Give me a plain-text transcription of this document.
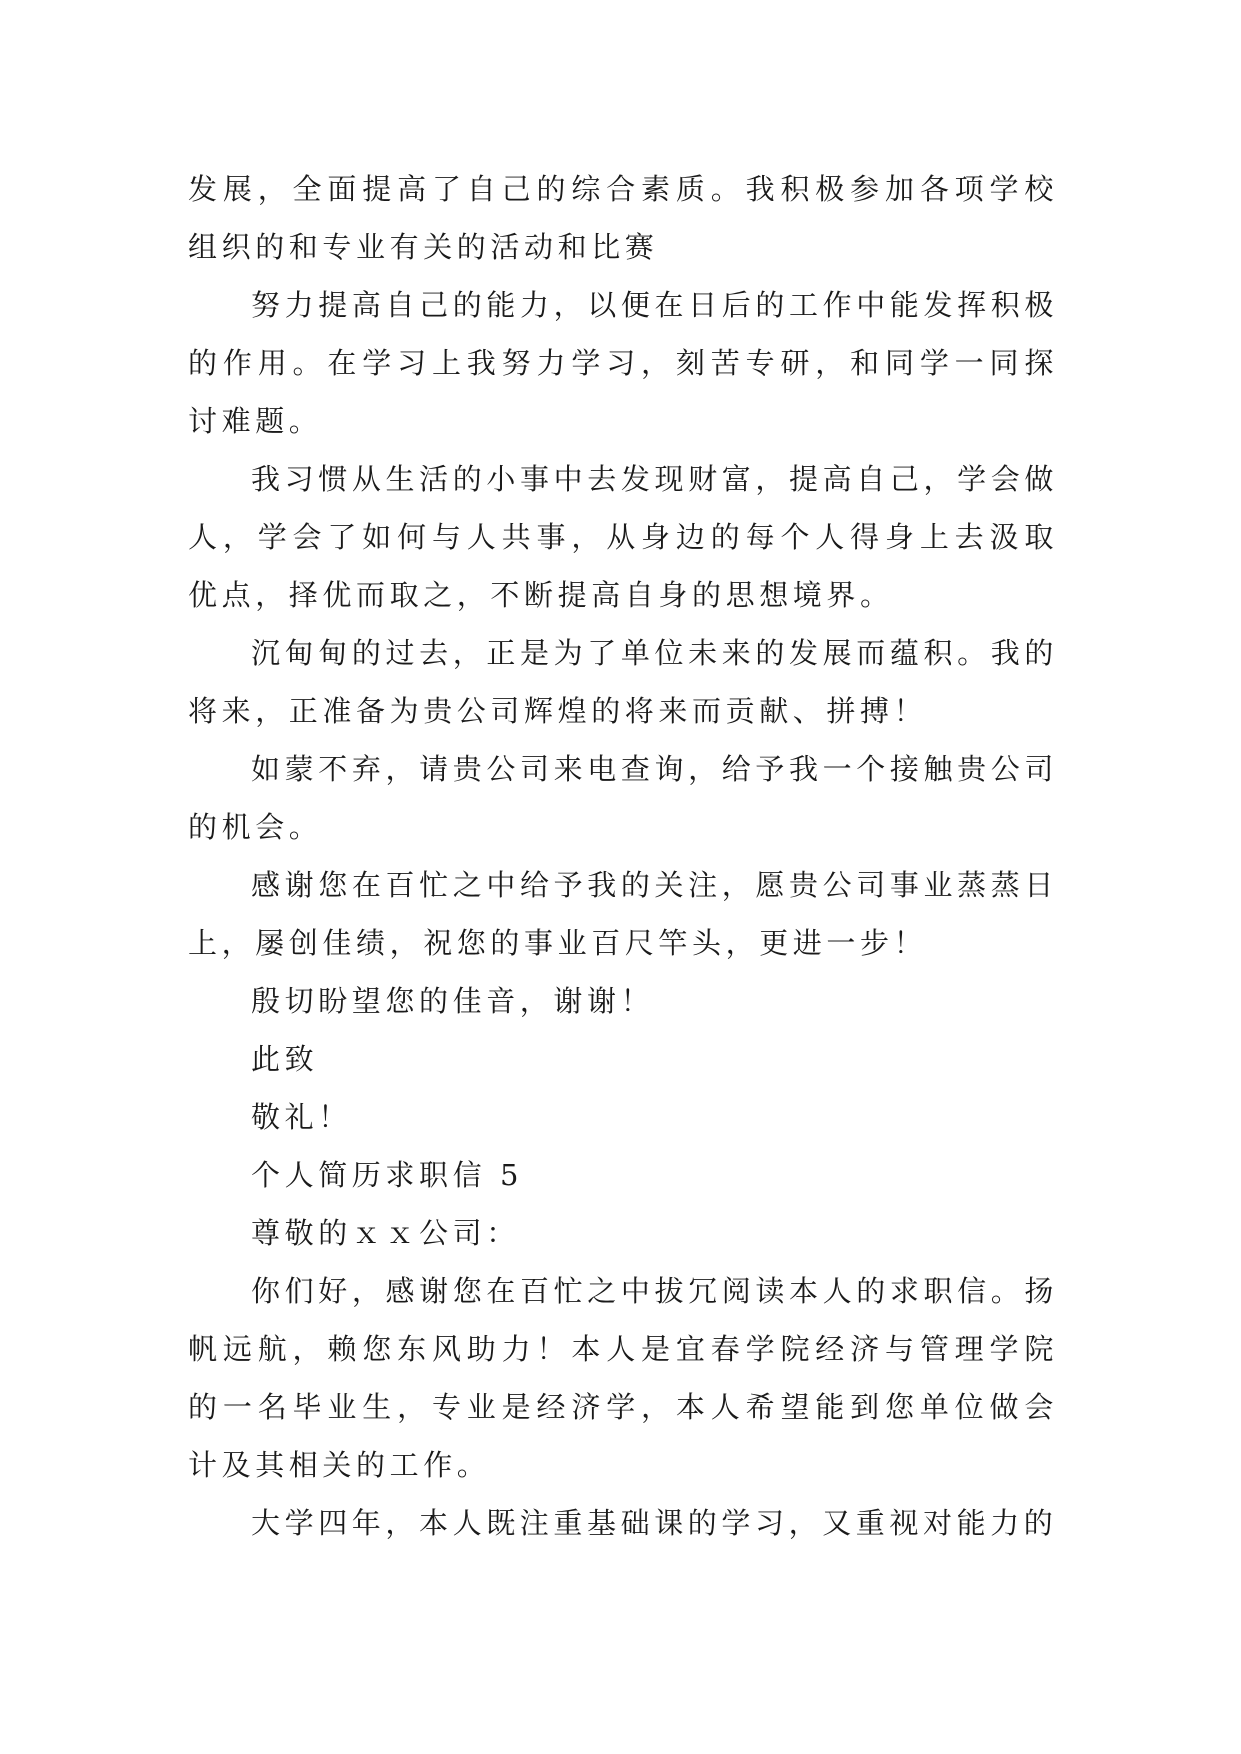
发展，全面提高了自己的综合素质。我积极参加各项学校组织的和专业有关的活动和比赛

努力提高自己的能力，以便在日后的工作中能发挥积极的作用。在学习上我努力学习，刻苦专研，和同学一同探讨难题。

我习惯从生活的小事中去发现财富，提高自己，学会做人，学会了如何与人共事，从身边的每个人得身上去汲取优点，择优而取之，不断提高自身的思想境界。

沉甸甸的过去，正是为了单位未来的发展而蕴积。我的将来，正准备为贵公司辉煌的将来而贡献、拼搏！

如蒙不弃，请贵公司来电查询，给予我一个接触贵公司的机会。

感谢您在百忙之中给予我的关注，愿贵公司事业蒸蒸日上，屡创佳绩，祝您的事业百尺竿头，更进一步！

殷切盼望您的佳音，谢谢！

此致

敬礼！

个人简历求职信 5

尊敬的ｘｘ公司：

你们好，感谢您在百忙之中拔冗阅读本人的求职信。扬帆远航，赖您东风助力！本人是宜春学院经济与管理学院的一名毕业生，专业是经济学，本人希望能到您单位做会计及其相关的工作。

大学四年，本人既注重基础课的学习，又重视对能力的
